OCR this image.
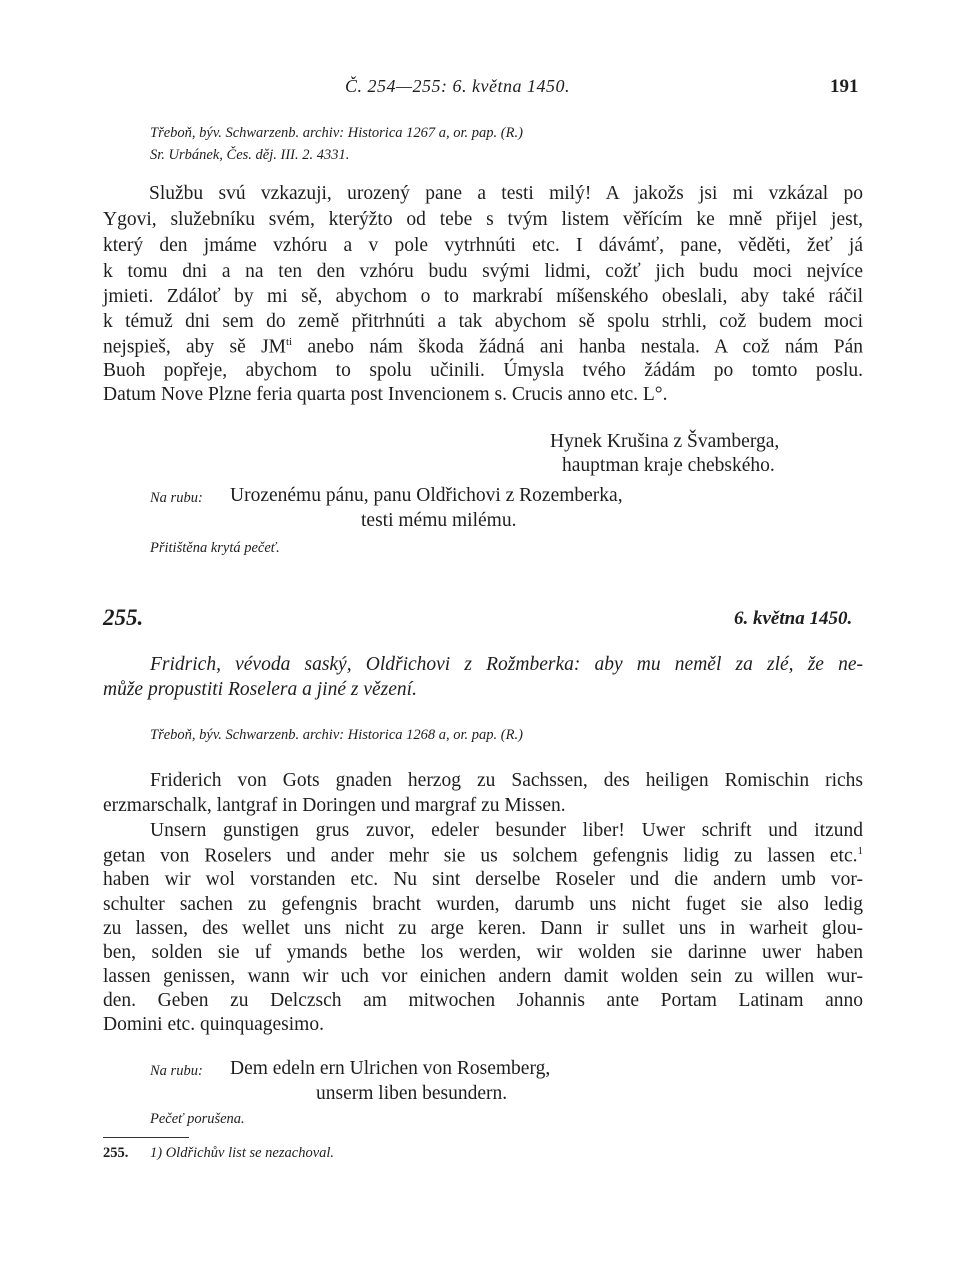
Č. 254—255: 6. května 1450.	191
Třeboň, býv. Schwarzenb. archiv: Historica 1267 a, or. pap. (R.)
Sr. Urbánek, Čes. děj. III. 2. 4331.
Službu svú vzkazuji, urozený pane a testi milý! A jakožs jsi mi vzkázal po
Ygovi, služebníku svém, kterýžto od tebe s tvým listem věřícím ke mně přijel jest,
který den jmáme vzhóru a v pole vytrhnúti etc. I dávámť, pane, věděti, žeť já
k tomu dni a na ten den vzhóru budu svými lidmi, cožť jich budu moci nejvíce
jmieti. Zdáloť by mi sě, abychom o to markrabí míšenského obeslali, aby také ráčil
k témuž dni sem do země přitrhnúti a tak abychom sě spolu strhli, což budem moci
nejspieš, aby sě $JM^{ti}$ anebo nám škoda žádná ani hanba nestala. A což nám Pán
Buoh popřeje, abychom to spolu učinili. Úmysla tvého žádám po tomto poslu.
Datum Nove Plzne feria quarta post Invencionem s. Crucis anno etc. L°.
Hynek Krušina z Švamberga,
hauptman kraje chebského.
Na rubu: Urozenému pánu, panu Oldřichovi z Rozemberka,
testi mému milému.
Přitištěna krytá pečeť.
255.	6. května 1450.
Fridrich, vévoda saský, Oldřichovi z Rožmberka: aby mu neměl za zlé, že ne-
může propustiti Roselera a jiné z vězení.
Třeboň, býv. Schwarzenb. archiv: Historica 1268 a, or. pap. (R.)
Friderich von Gots gnaden herzog zu Sachssen, des heiligen Romischin richs
erzmarschalk, lantgraf in Doringen und margraf zu Missen.
Unsern gunstigen grus zuvor, edeler besunder liber! Uwer schrift und itzund
getan von Roselers und ander mehr sie us solchem gefengnis lidig zu lassen etc.$^1$
haben wir wol vorstanden etc. Nu sint derselbe Roseler und die andern umb vor-
schulter sachen zu gefengnis bracht wurden, darumb uns nicht fuget sie also ledig
zu lassen, des wellet uns nicht zu arge keren. Dann ir sullet uns in warheit glou-
ben, solden sie uf ymands bethe los werden, wir wolden sie darinne uwer haben
lassen genissen, wann wir uch vor einichen andern damit wolden sein zu willen wur-
den. Geben zu Delczsch am mitwochen Johannis ante Portam Latinam anno
Domini etc. quinquagesimo.
Na rubu: Dem edeln ern Ulrichen von Rosemberg,
unserm liben besundern.
Pečeť porušena.
255. 1) Oldřichův list se nezachoval.
